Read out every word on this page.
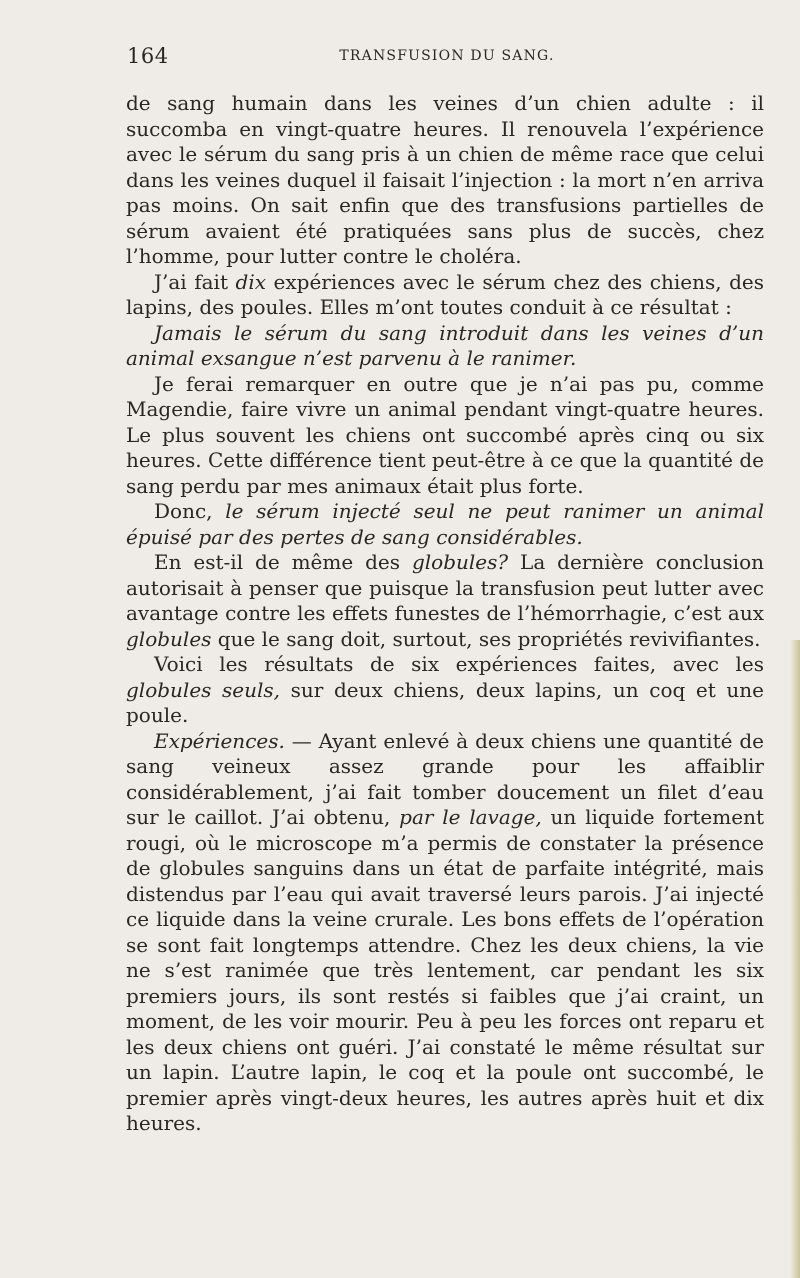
164	TRANSFUSION DU SANG.

de sang humain dans les veines d’un chien adulte : il succomba en vingt-quatre heures. Il renouvela l’expérience avec le sérum du sang pris à un chien de même race que celui dans les veines duquel il faisait l’injection : la mort n’en arriva pas moins. On sait enfin que des transfusions partielles de sérum avaient été pratiquées sans plus de succès, chez l’homme, pour lutter contre le choléra.

J’ai fait dix expériences avec le sérum chez des chiens, des lapins, des poules. Elles m’ont toutes conduit à ce résultat :

Jamais le sérum du sang introduit dans les veines d’un animal exsangue n’est parvenu à le ranimer.

Je ferai remarquer en outre que je n’ai pas pu, comme Magendie, faire vivre un animal pendant vingt-quatre heures. Le plus souvent les chiens ont succombé après cinq ou six heures. Cette différence tient peut-être à ce que la quantité de sang perdu par mes animaux était plus forte.

Donc, le sérum injecté seul ne peut ranimer un animal épuisé par des pertes de sang considérables.

En est-il de même des globules? La dernière conclusion autorisait à penser que puisque la transfusion peut lutter avec avantage contre les effets funestes de l’hémorrhagie, c’est aux globules que le sang doit, surtout, ses propriétés revivifiantes.

Voici les résultats de six expériences faites, avec les globules seuls, sur deux chiens, deux lapins, un coq et une poule.

Expériences. — Ayant enlevé à deux chiens une quantité de sang veineux assez grande pour les affaiblir considérablement, j’ai fait tomber doucement un filet d’eau sur le caillot. J’ai obtenu, par le lavage, un liquide fortement rougi, où le microscope m’a permis de constater la présence de globules sanguins dans un état de parfaite intégrité, mais distendus par l’eau qui avait traversé leurs parois. J’ai injecté ce liquide dans la veine crurale. Les bons effets de l’opération se sont fait longtemps attendre. Chez les deux chiens, la vie ne s’est ranimée que très lentement, car pendant les six premiers jours, ils sont restés si faibles que j’ai craint, un moment, de les voir mourir. Peu à peu les forces ont reparu et les deux chiens ont guéri. J’ai constaté le même résultat sur un lapin. L’autre lapin, le coq et la poule ont succombé, le premier après vingt-deux heures, les autres après huit et dix heures.
